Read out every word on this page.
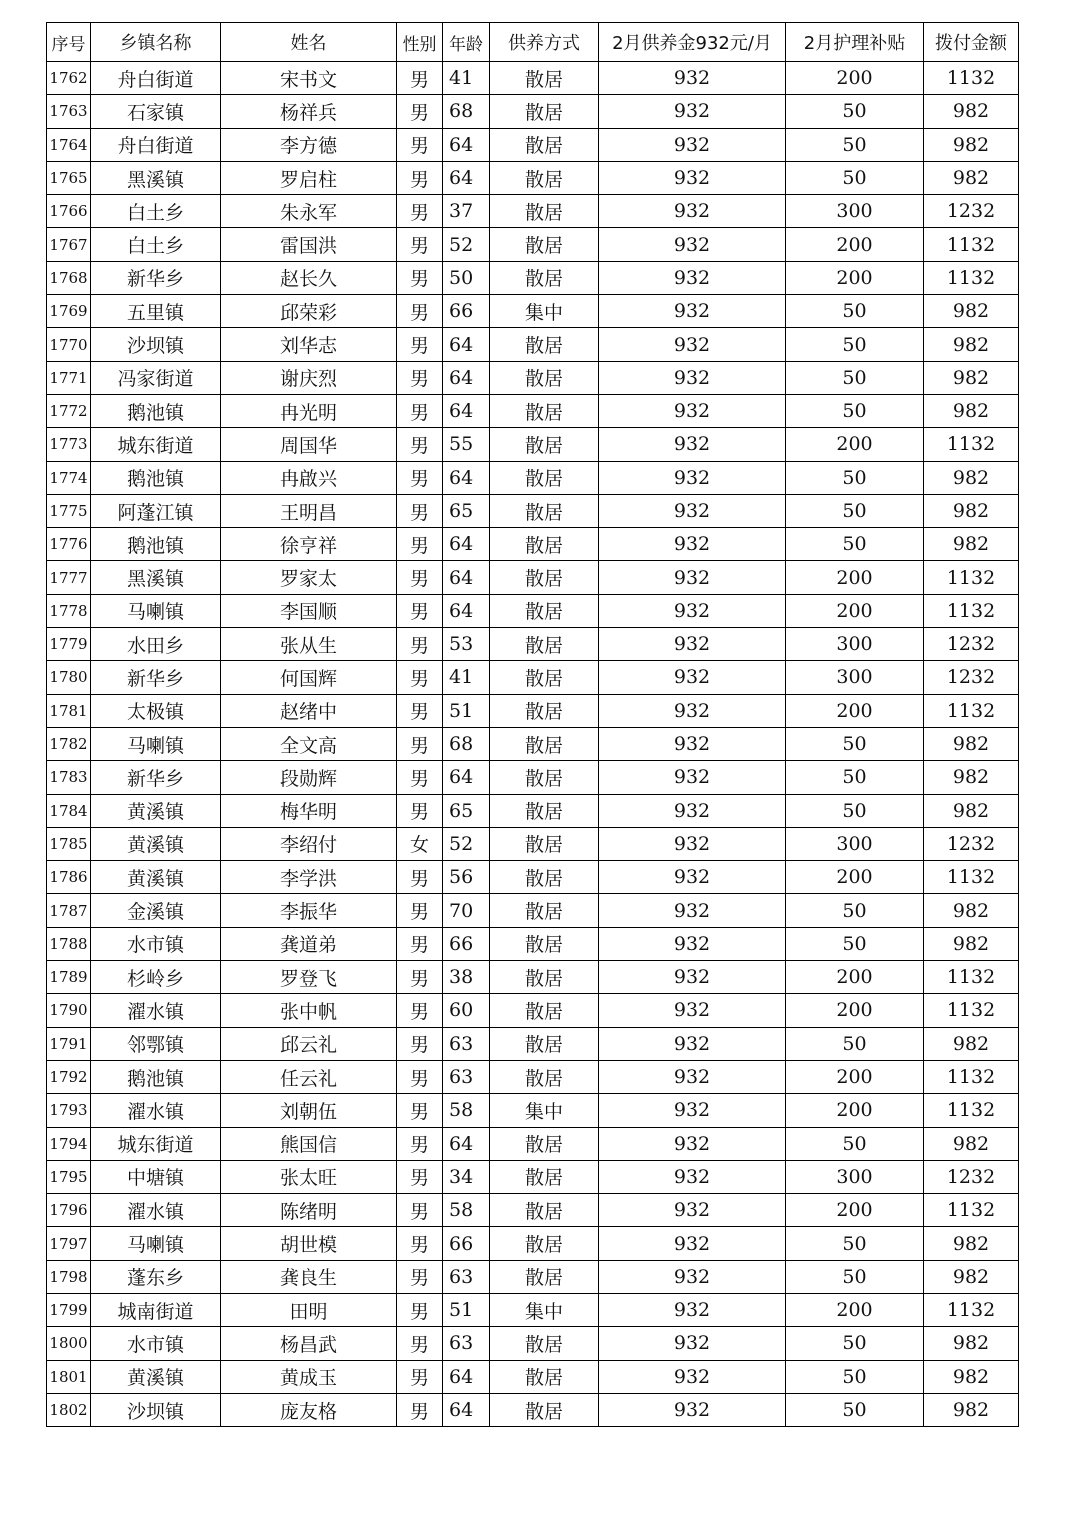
序号	乡镇名称	姓名	性别	年龄	供养方式	2月供养金932元/月	2月护理补贴	拨付金额
1762	舟白街道	宋书文	男	41	散居	932	200	1132
1763	石家镇	杨祥兵	男	68	散居	932	50	982
1764	舟白街道	李方德	男	64	散居	932	50	982
1765	黑溪镇	罗启柱	男	64	散居	932	50	982
1766	白土乡	朱永军	男	37	散居	932	300	1232
1767	白土乡	雷国洪	男	52	散居	932	200	1132
1768	新华乡	赵长久	男	50	散居	932	200	1132
1769	五里镇	邱荣彩	男	66	集中	932	50	982
1770	沙坝镇	刘华志	男	64	散居	932	50	982
1771	冯家街道	谢庆烈	男	64	散居	932	50	982
1772	鹅池镇	冉光明	男	64	散居	932	50	982
1773	城东街道	周国华	男	55	散居	932	200	1132
1774	鹅池镇	冉啟兴	男	64	散居	932	50	982
1775	阿蓬江镇	王明昌	男	65	散居	932	50	982
1776	鹅池镇	徐亨祥	男	64	散居	932	50	982
1777	黑溪镇	罗家太	男	64	散居	932	200	1132
1778	马喇镇	李国顺	男	64	散居	932	200	1132
1779	水田乡	张从生	男	53	散居	932	300	1232
1780	新华乡	何国辉	男	41	散居	932	300	1232
1781	太极镇	赵绪中	男	51	散居	932	200	1132
1782	马喇镇	全文高	男	68	散居	932	50	982
1783	新华乡	段勋辉	男	64	散居	932	50	982
1784	黄溪镇	梅华明	男	65	散居	932	50	982
1785	黄溪镇	李绍付	女	52	散居	932	300	1232
1786	黄溪镇	李学洪	男	56	散居	932	200	1132
1787	金溪镇	李振华	男	70	散居	932	50	982
1788	水市镇	龚道弟	男	66	散居	932	50	982
1789	杉岭乡	罗登飞	男	38	散居	932	200	1132
1790	濯水镇	张中帆	男	60	散居	932	200	1132
1791	邻鄂镇	邱云礼	男	63	散居	932	50	982
1792	鹅池镇	任云礼	男	63	散居	932	200	1132
1793	濯水镇	刘朝伍	男	58	集中	932	200	1132
1794	城东街道	熊国信	男	64	散居	932	50	982
1795	中塘镇	张太旺	男	34	散居	932	300	1232
1796	濯水镇	陈绪明	男	58	散居	932	200	1132
1797	马喇镇	胡世模	男	66	散居	932	50	982
1798	蓬东乡	龚良生	男	63	散居	932	50	982
1799	城南街道	田明	男	51	集中	932	200	1132
1800	水市镇	杨昌武	男	63	散居	932	50	982
1801	黄溪镇	黄成玉	男	64	散居	932	50	982
1802	沙坝镇	庞友格	男	64	散居	932	50	982
